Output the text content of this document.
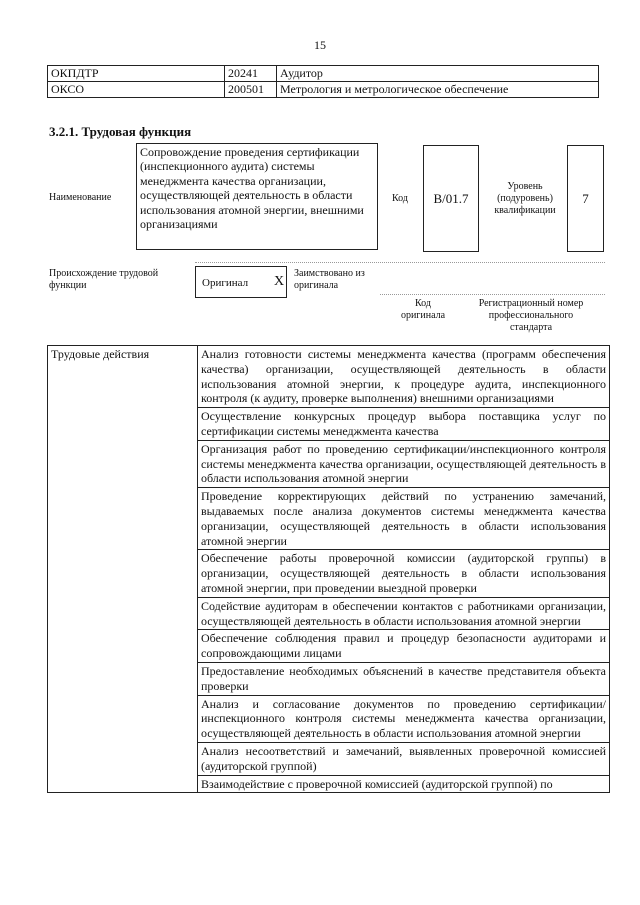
15
ОКПДТР	20241	Аудитор
ОКСО	200501	Метрология и метрологическое обеспечение
3.2.1. Трудовая функция
Наименование
Сопровождение проведения сертификации (инспекционного аудита) системы менеджмента качества организации, осуществляющей деятельность в области использования атомной энергии, внешними организациями
Код	B/01.7
Уровень (подуровень) квалификации
7
Происхождение трудовой функции	Оригинал X
Заимствовано из оригинала
Код оригинала
Регистрационный номер профессионального стандарта
Трудовые действия	Анализ готовности системы менеджмента качества (программ обеспечения качества) организации, осуществляющей деятельность в области использования атомной энергии, к процедуре аудита, инспекционного контроля (к аудиту, проверке выполнения) внешними организациями
Осуществление конкурсных процедур выбора поставщика услуг по сертификации системы менеджмента качества
Организация работ по проведению сертификации/инспекционного контроля системы менеджмента качества организации, осуществляющей деятельность в области использования атомной энергии
Проведение корректирующих действий по устранению замечаний, выдаваемых после анализа документов системы менеджмента качества организации, осуществляющей деятельность в области использования атомной энергии
Обеспечение работы проверочной комиссии (аудиторской группы) в организации, осуществляющей деятельность в области использования атомной энергии, при проведении выездной проверки
Содействие аудиторам в обеспечении контактов с работниками организации, осуществляющей деятельность в области использования атомной энергии
Обеспечение соблюдения правил и процедур безопасности аудиторами и сопровождающими лицами
Предоставление необходимых объяснений в качестве представителя объекта проверки
Анализ и согласование документов по проведению сертификации/инспекционного контроля системы менеджмента качества организации, осуществляющей деятельность в области использования атомной энергии
Анализ несоответствий и замечаний, выявленных проверочной комиссией (аудиторской группой)
Взаимодействие с проверочной комиссией (аудиторской группой) по
